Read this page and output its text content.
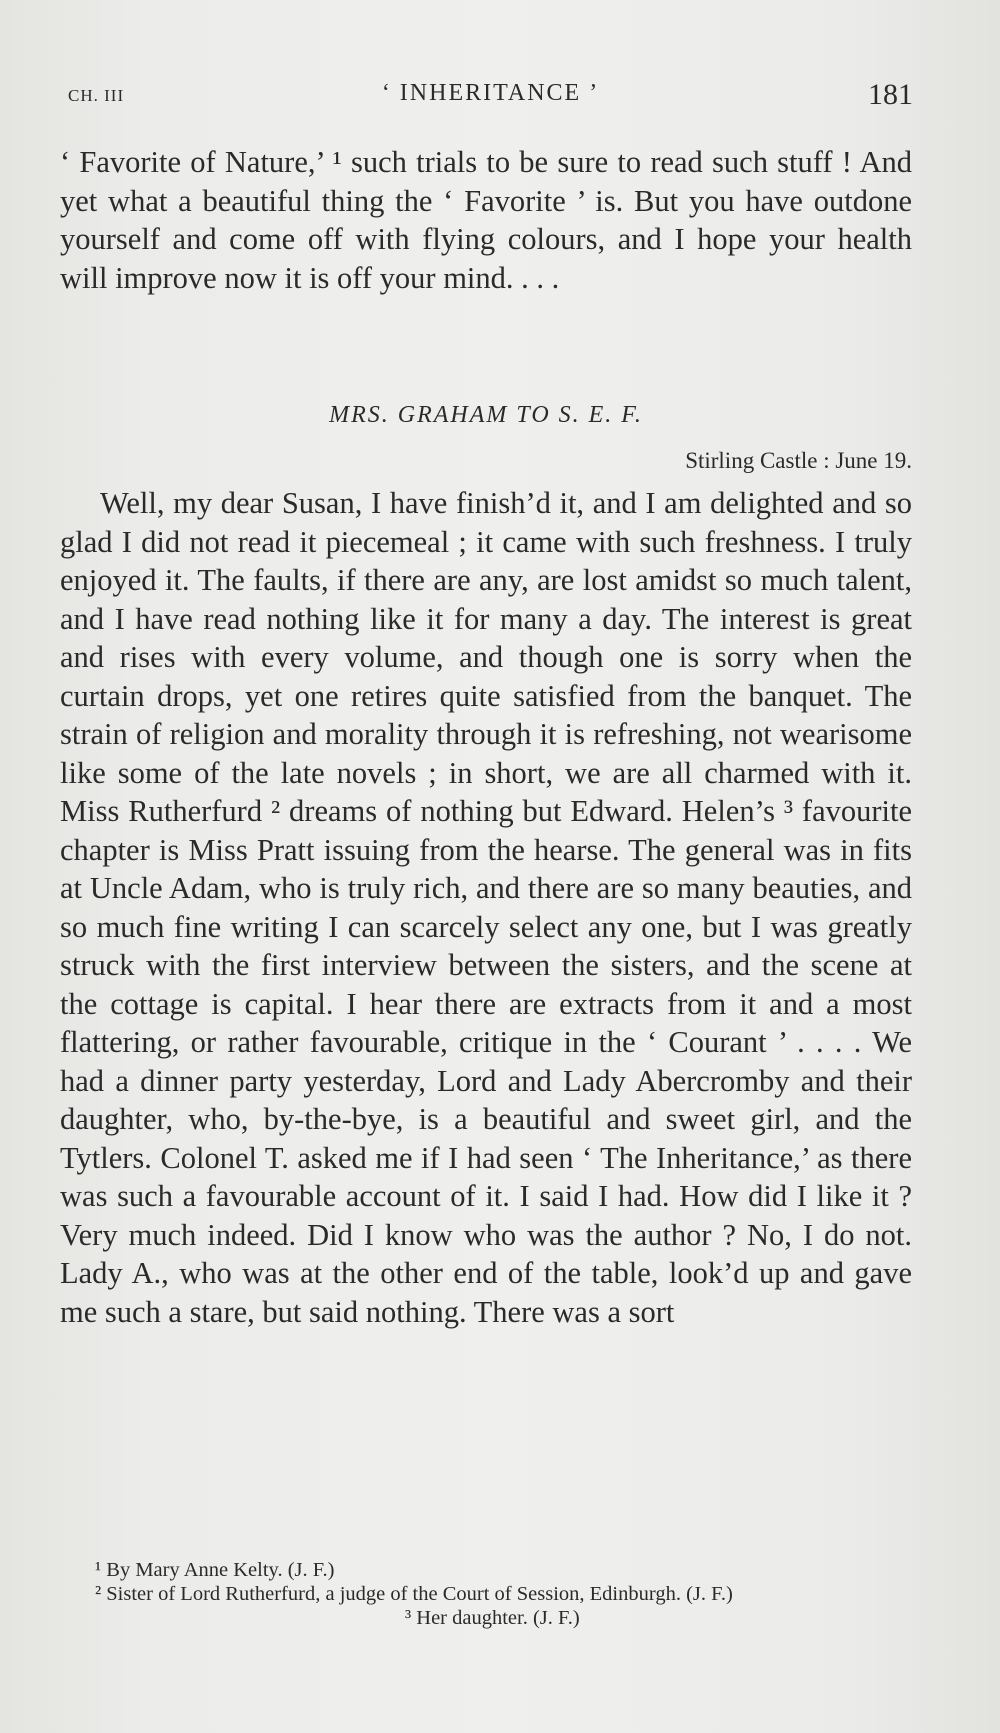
CH. III	‘ INHERITANCE ’	181
‘ Favorite of Nature,’ ¹ such trials to be sure to read such stuff ! And yet what a beautiful thing the ‘ Favorite ’ is. But you have outdone yourself and come off with flying colours, and I hope your health will improve now it is off your mind. . . .
MRS. GRAHAM TO S. E. F.
Stirling Castle : June 19.
Well, my dear Susan, I have finish’d it, and I am delighted and so glad I did not read it piecemeal ; it came with such freshness. I truly enjoyed it. The faults, if there are any, are lost amidst so much talent, and I have read nothing like it for many a day. The interest is great and rises with every volume, and though one is sorry when the curtain drops, yet one retires quite satisfied from the banquet. The strain of religion and morality through it is refreshing, not wearisome like some of the late novels ; in short, we are all charmed with it. Miss Rutherfurd ² dreams of nothing but Edward. Helen’s ³ favourite chapter is Miss Pratt issuing from the hearse. The general was in fits at Uncle Adam, who is truly rich, and there are so many beauties, and so much fine writing I can scarcely select any one, but I was greatly struck with the first interview between the sisters, and the scene at the cottage is capital. I hear there are extracts from it and a most flattering, or rather favourable, critique in the ‘ Courant ’ . . . . We had a dinner party yesterday, Lord and Lady Abercromby and their daughter, who, by-the-bye, is a beautiful and sweet girl, and the Tytlers. Colonel T. asked me if I had seen ‘ The Inheritance,’ as there was such a favourable account of it. I said I had. How did I like it ? Very much indeed. Did I know who was the author ? No, I do not. Lady A., who was at the other end of the table, look’d up and gave me such a stare, but said nothing. There was a sort
¹ By Mary Anne Kelty. (J. F.)
² Sister of Lord Rutherfurd, a judge of the Court of Session, Edinburgh. (J. F.)
³ Her daughter. (J. F.)
